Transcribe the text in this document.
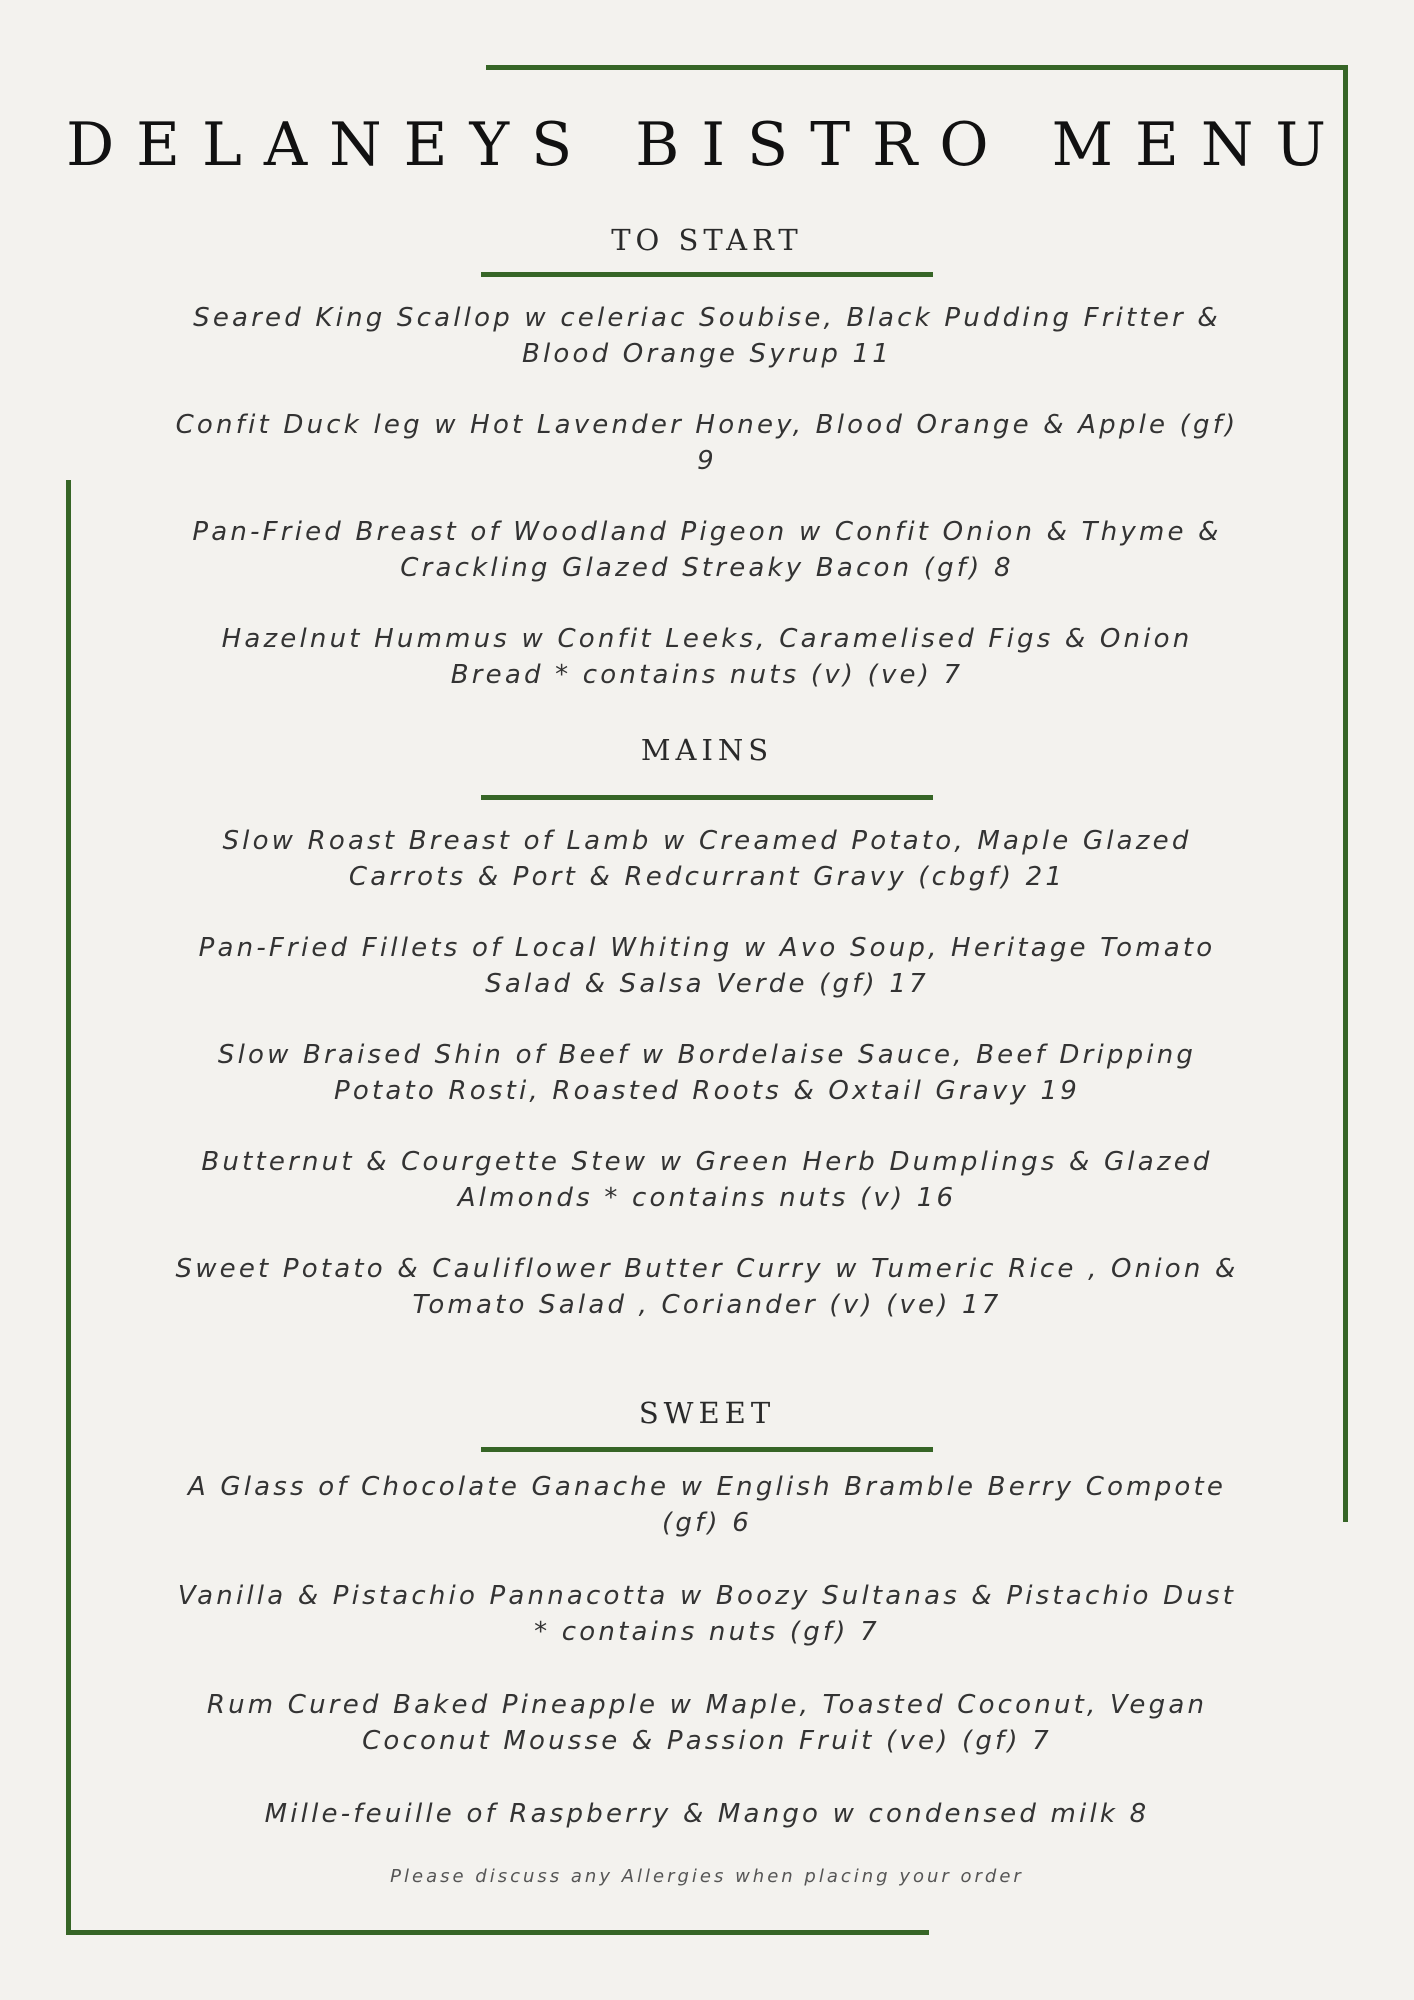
DELANEYS BISTRO MENU
TO START
Seared King Scallop w celeriac Soubise, Black Pudding Fritter & Blood Orange Syrup 11
Confit Duck leg w Hot Lavender Honey, Blood Orange & Apple (gf) 9
Pan-Fried Breast of Woodland Pigeon w Confit Onion & Thyme & Crackling Glazed Streaky Bacon (gf) 8
Hazelnut Hummus w Confit Leeks, Caramelised Figs & Onion Bread * contains nuts (v) (ve) 7
MAINS
Slow Roast Breast of Lamb w Creamed Potato, Maple Glazed Carrots & Port & Redcurrant Gravy (cbgf) 21
Pan-Fried Fillets of Local Whiting w Avo Soup, Heritage Tomato Salad & Salsa Verde (gf) 17
Slow Braised Shin of Beef w Bordelaise Sauce, Beef Dripping Potato Rosti, Roasted Roots & Oxtail Gravy 19
Butternut & Courgette Stew w Green Herb Dumplings & Glazed Almonds * contains nuts (v) 16
Sweet Potato & Cauliflower Butter Curry w Tumeric Rice , Onion & Tomato Salad , Coriander (v) (ve) 17
SWEET
A Glass of Chocolate Ganache w English Bramble Berry Compote (gf) 6
Vanilla & Pistachio Pannacotta w Boozy Sultanas & Pistachio Dust * contains nuts (gf) 7
Rum Cured Baked Pineapple w Maple, Toasted Coconut, Vegan Coconut Mousse & Passion Fruit (ve) (gf) 7
Mille-feuille of Raspberry & Mango w condensed milk 8
Please discuss any Allergies when placing your order
